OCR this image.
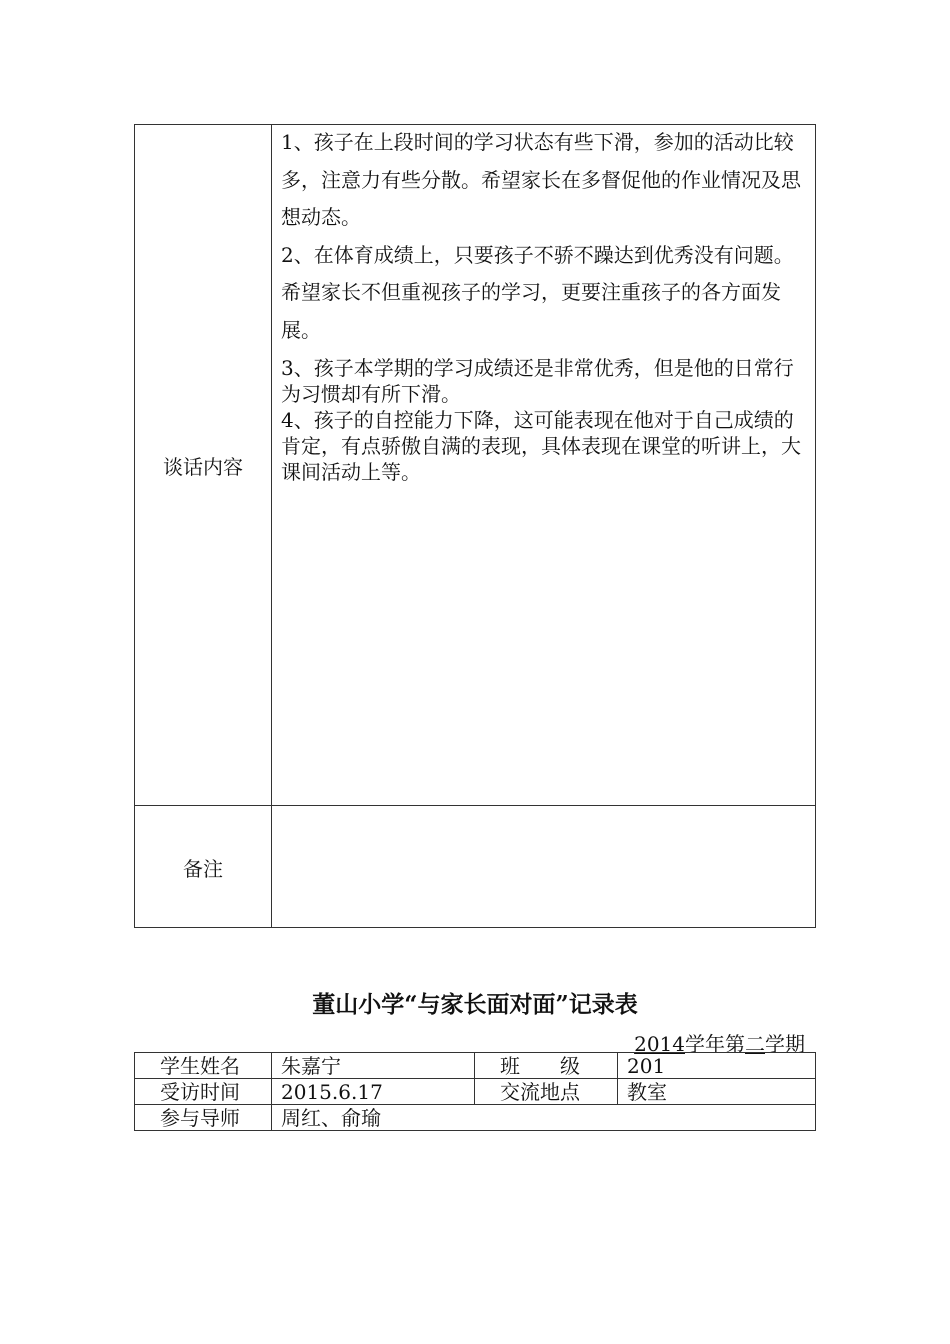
谈话内容
备注

1、孩子在上段时间的学习状态有些下滑，参加的活动比较多，注意力有些分散。希望家长在多督促他的作业情况及思想动态。

2、在体育成绩上，只要孩子不骄不躁达到优秀没有问题。希望家长不但重视孩子的学习，更要注重孩子的各方面发展。

3、孩子本学期的学习成绩还是非常优秀，但是他的日常行为习惯却有所下滑。

4、孩子的自控能力下降，这可能表现在他对于自己成绩的肯定，有点骄傲自满的表现，具体表现在课堂的听讲上，大课间活动上等。

董山小学“与家长面对面”记录表
2014学年第二学期
学生姓名 朱嘉宁	班　　级 201
受访时间 2015.6.17	交流地点 教室
参与导师 周红、俞瑜
